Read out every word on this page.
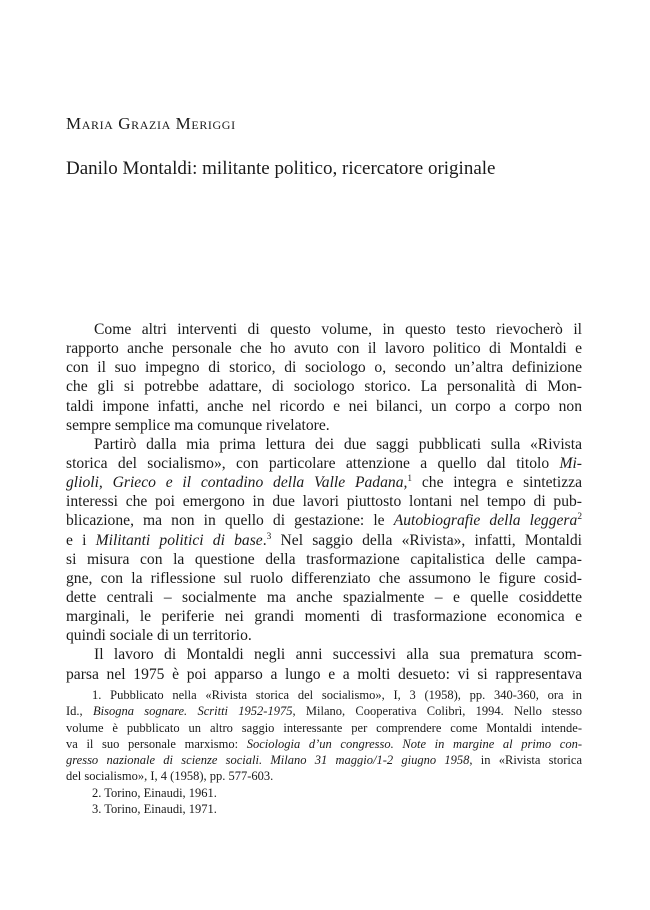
Maria Grazia Meriggi
Danilo Montaldi: militante politico, ricercatore originale
Come altri interventi di questo volume, in questo testo rievocherò il
rapporto anche personale che ho avuto con il lavoro politico di Montaldi e
con il suo impegno di storico, di sociologo o, secondo un’altra definizione
che gli si potrebbe adattare, di sociologo storico. La personalità di Mon-
taldi impone infatti, anche nel ricordo e nei bilanci, un corpo a corpo non
sempre semplice ma comunque rivelatore.
Partirò dalla mia prima lettura dei due saggi pubblicati sulla «Rivista
storica del socialismo», con particolare attenzione a quello dal titolo Mi-
glioli, Grieco e il contadino della Valle Padana,$^1$ che integra e sintetizza
interessi che poi emergono in due lavori piuttosto lontani nel tempo di pub-
blicazione, ma non in quello di gestazione: le Autobiografie della leggera$^2$
e i Militanti politici di base.$^3$ Nel saggio della «Rivista», infatti, Montaldi
si misura con la questione della trasformazione capitalistica delle campa-
gne, con la riflessione sul ruolo differenziato che assumono le figure cosid-
dette centrali – socialmente ma anche spazialmente – e quelle cosiddette
marginali, le periferie nei grandi momenti di trasformazione economica e
quindi sociale di un territorio.
Il lavoro di Montaldi negli anni successivi alla sua prematura scom-
parsa nel 1975 è poi apparso a lungo e a molti desueto: vi si rappresentava
1. Pubblicato nella «Rivista storica del socialismo», I, 3 (1958), pp. 340-360, ora in
Id., Bisogna sognare. Scritti 1952-1975, Milano, Cooperativa Colibrì, 1994. Nello stesso
volume è pubblicato un altro saggio interessante per comprendere come Montaldi intende-
va il suo personale marxismo: Sociologia d’un congresso. Note in margine al primo con-
gresso nazionale di scienze sociali. Milano 31 maggio/1-2 giugno 1958, in «Rivista storica
del socialismo», I, 4 (1958), pp. 577-603.
2. Torino, Einaudi, 1961.
3. Torino, Einaudi, 1971.
